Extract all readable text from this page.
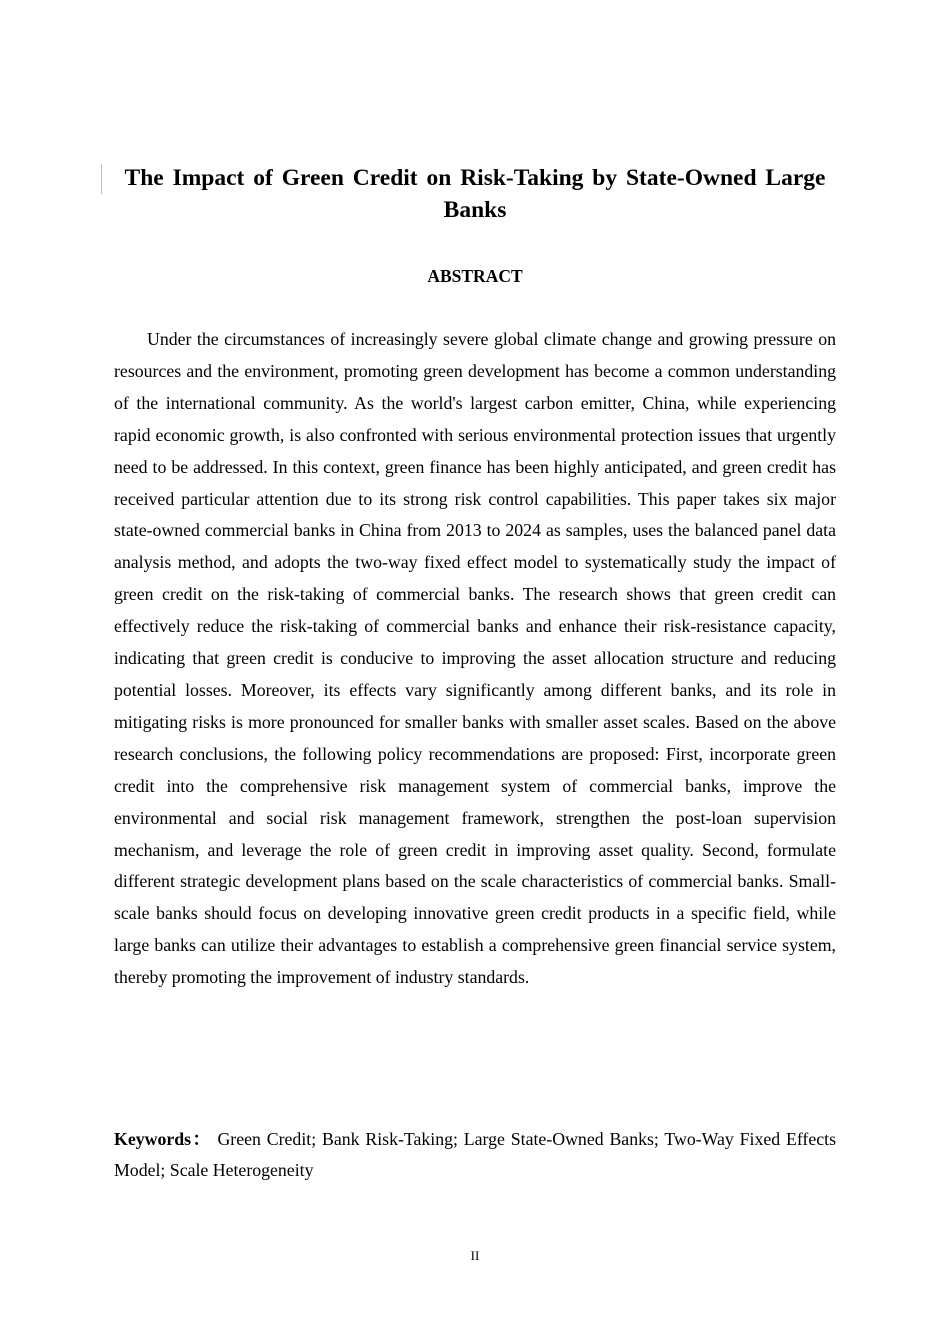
The Impact of Green Credit on Risk-Taking by State-Owned Large Banks
ABSTRACT

Under the circumstances of increasingly severe global climate change and growing pressure on resources and the environment, promoting green development has become a common understanding of the international community. As the world's largest carbon emitter, China, while experiencing rapid economic growth, is also confronted with serious environmental protection issues that urgently need to be addressed. In this context, green finance has been highly anticipated, and green credit has received particular attention due to its strong risk control capabilities. This paper takes six major state-owned commercial banks in China from 2013 to 2024 as samples, uses the balanced panel data analysis method, and adopts the two-way fixed effect model to systematically study the impact of green credit on the risk-taking of commercial banks. The research shows that green credit can effectively reduce the risk-taking of commercial banks and enhance their risk-resistance capacity, indicating that green credit is conducive to improving the asset allocation structure and reducing potential losses. Moreover, its effects vary significantly among different banks, and its role in mitigating risks is more pronounced for smaller banks with smaller asset scales. Based on the above research conclusions, the following policy recommendations are proposed: First, incorporate green credit into the comprehensive risk management system of commercial banks, improve the environmental and social risk management framework, strengthen the post-loan supervision mechanism, and leverage the role of green credit in improving asset quality. Second, formulate different strategic development plans based on the scale characteristics of commercial banks. Small-scale banks should focus on developing innovative green credit products in a specific field, while large banks can utilize their advantages to establish a comprehensive green financial service system, thereby promoting the improvement of industry standards.

Keywords： Green Credit; Bank Risk-Taking; Large State-Owned Banks; Two-Way Fixed Effects Model; Scale Heterogeneity

II
